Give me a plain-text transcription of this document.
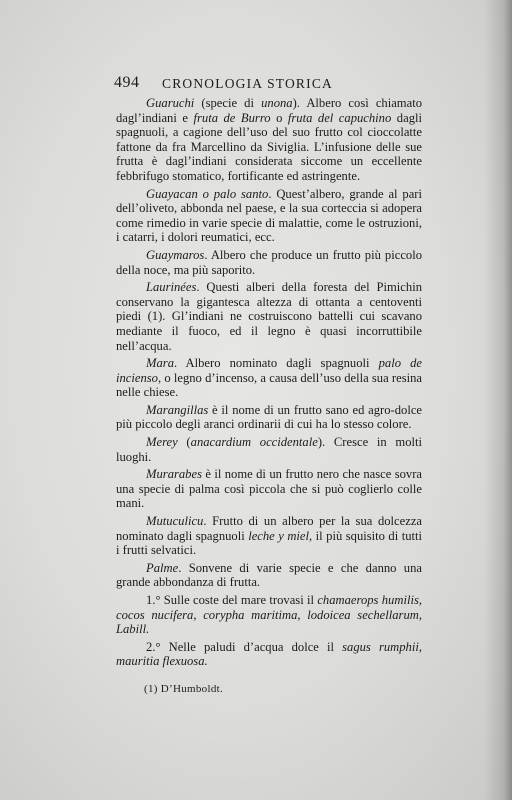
494 CRONOLOGIA STORICA

Guaruchi (specie di unona). Albero così chiamato dagl’indiani e fruta de Burro o fruta del capuchino dagli spagnuoli, a cagione dell’uso del suo frutto col cioccolatte fattone da fra Marcellino da Siviglia. L’infusione delle sue frutta è dagl’indiani considerata siccome un eccellente febbrifugo stomatico, fortificante ed astringente.

Guayacan o palo santo. Quest’albero, grande al pari dell’oliveto, abbonda nel paese, e la sua corteccia si adopera come rimedio in varie specie di malattie, come le ostruzioni, i catarri, i dolori reumatici, ecc.

Guaymaros. Albero che produce un frutto più piccolo della noce, ma più saporito.

Laurinées. Questi alberi della foresta del Pimichin conservano la gigantesca altezza di ottanta a centoventi piedi (1). Gl’indiani ne costruiscono battelli cui scavano mediante il fuoco, ed il legno è quasi incorruttibile nell’acqua.

Mara. Albero nominato dagli spagnuoli palo de incienso, o legno d’incenso, a causa dell’uso della sua resina nelle chiese.

Marangillas è il nome di un frutto sano ed agro-dolce più piccolo degli aranci ordinarii di cui ha lo stesso colore.

Merey (anacardium occidentale). Cresce in molti luoghi.

Murarabes è il nome di un frutto nero che nasce sovra una specie di palma così piccola che si può coglierlo colle mani.

Mutuculicu. Frutto di un albero per la sua dolcezza nominato dagli spagnuoli leche y miel, il più squisito di tutti i frutti selvatici.

Palme. Sonvene di varie specie e che danno una grande abbondanza di frutta.

1.° Sulle coste del mare trovasi il chamaerops humilis, cocos nucifera, corypha maritima, lodoicea sechellarum, Labill.

2.° Nelle paludi d’acqua dolce il sagus rumphii, mauritia flexuosa.

(1) D’Humboldt.
